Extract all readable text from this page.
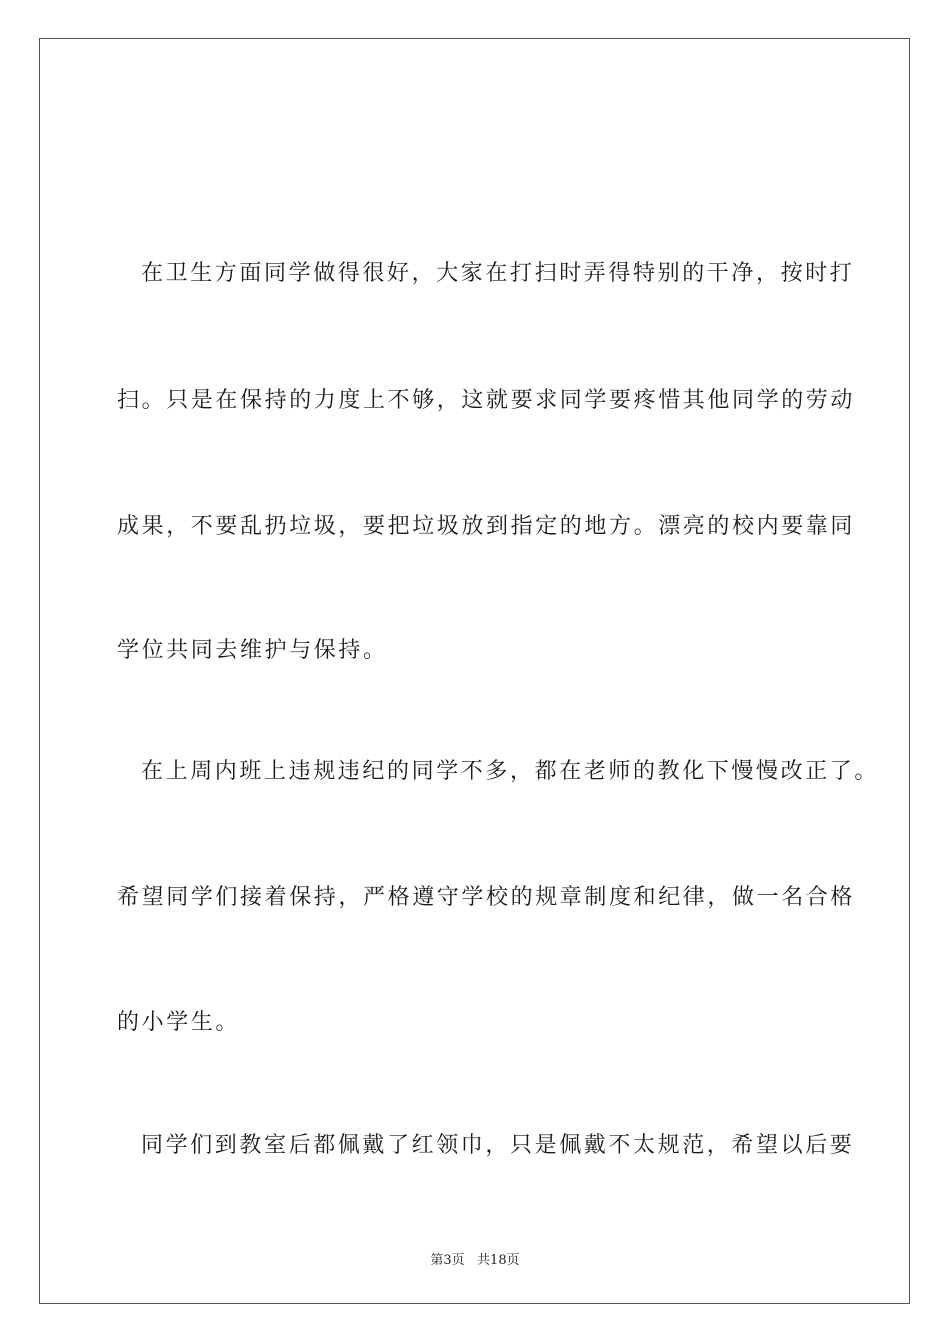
在卫生方面同学做得很好，大家在打扫时弄得特别的干净，按时打
扫。只是在保持的力度上不够，这就要求同学要疼惜其他同学的劳动
成果，不要乱扔垃圾，要把垃圾放到指定的地方。漂亮的校内要靠同
学位共同去维护与保持。
在上周内班上违规违纪的同学不多，都在老师的教化下慢慢改正了。
希望同学们接着保持，严格遵守学校的规章制度和纪律，做一名合格
的小学生。
同学们到教室后都佩戴了红领巾，只是佩戴不太规范，希望以后要
第3页   共18页
